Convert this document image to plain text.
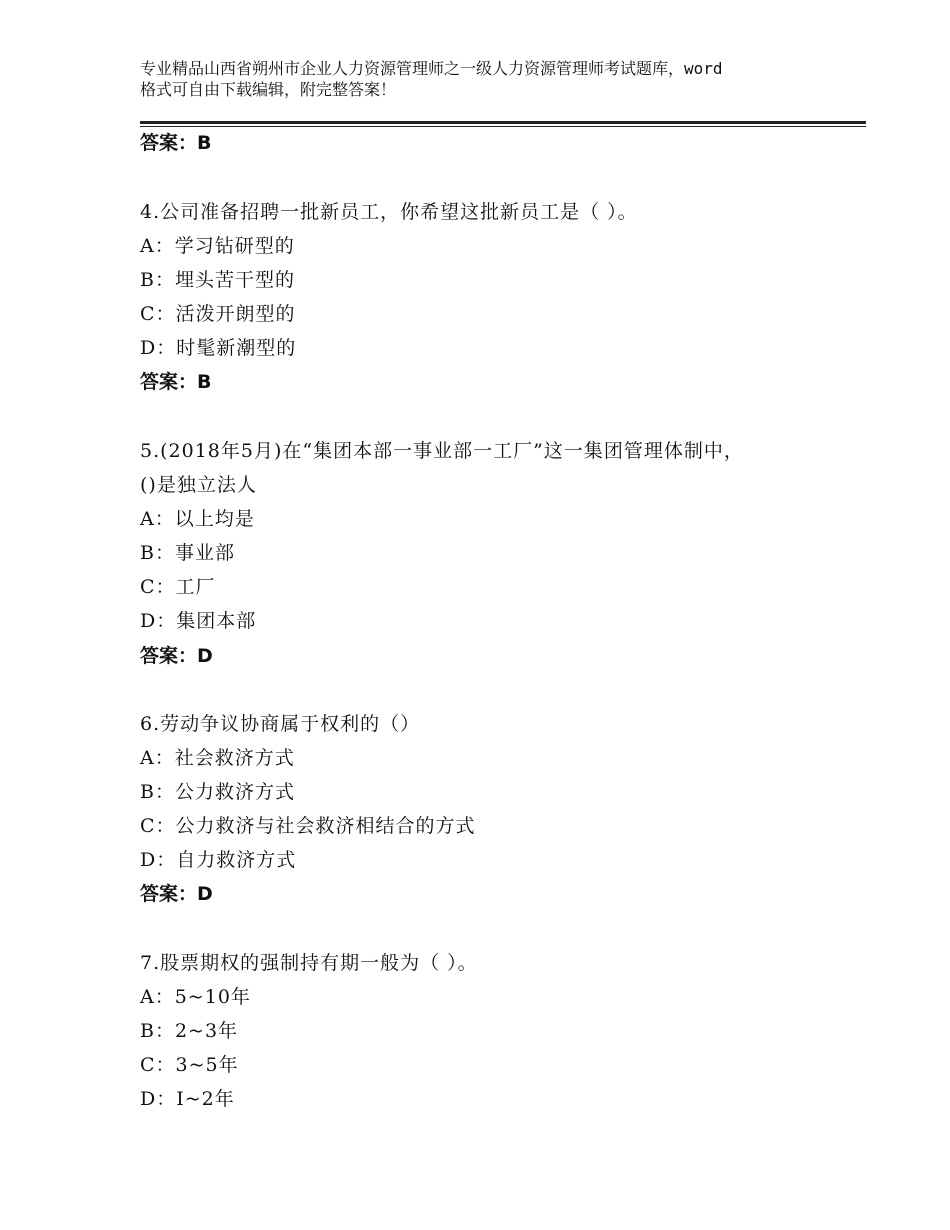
专业精品山西省朔州市企业人力资源管理师之一级人力资源管理师考试题库，word
格式可自由下载编辑，附完整答案！
答案：B
4.公司准备招聘一批新员工，你希望这批新员工是（ ）。
A：学习钻研型的
B：埋头苦干型的
C：活泼开朗型的
D：时髦新潮型的
答案：B
5.(2018年5月)在“集团本部一事业部一工厂”这一集团管理体制中，
()是独立法人
A：以上均是
B：事业部
C：工厂
D：集团本部
答案：D
6.劳动争议协商属于权利的（）
A：社会救济方式
B：公力救济方式
C：公力救济与社会救济相结合的方式
D：自力救济方式
答案：D
7.股票期权的强制持有期一般为（ ）。
A：5~10年
B：2~3年
C：3~5年
D：I~2年
